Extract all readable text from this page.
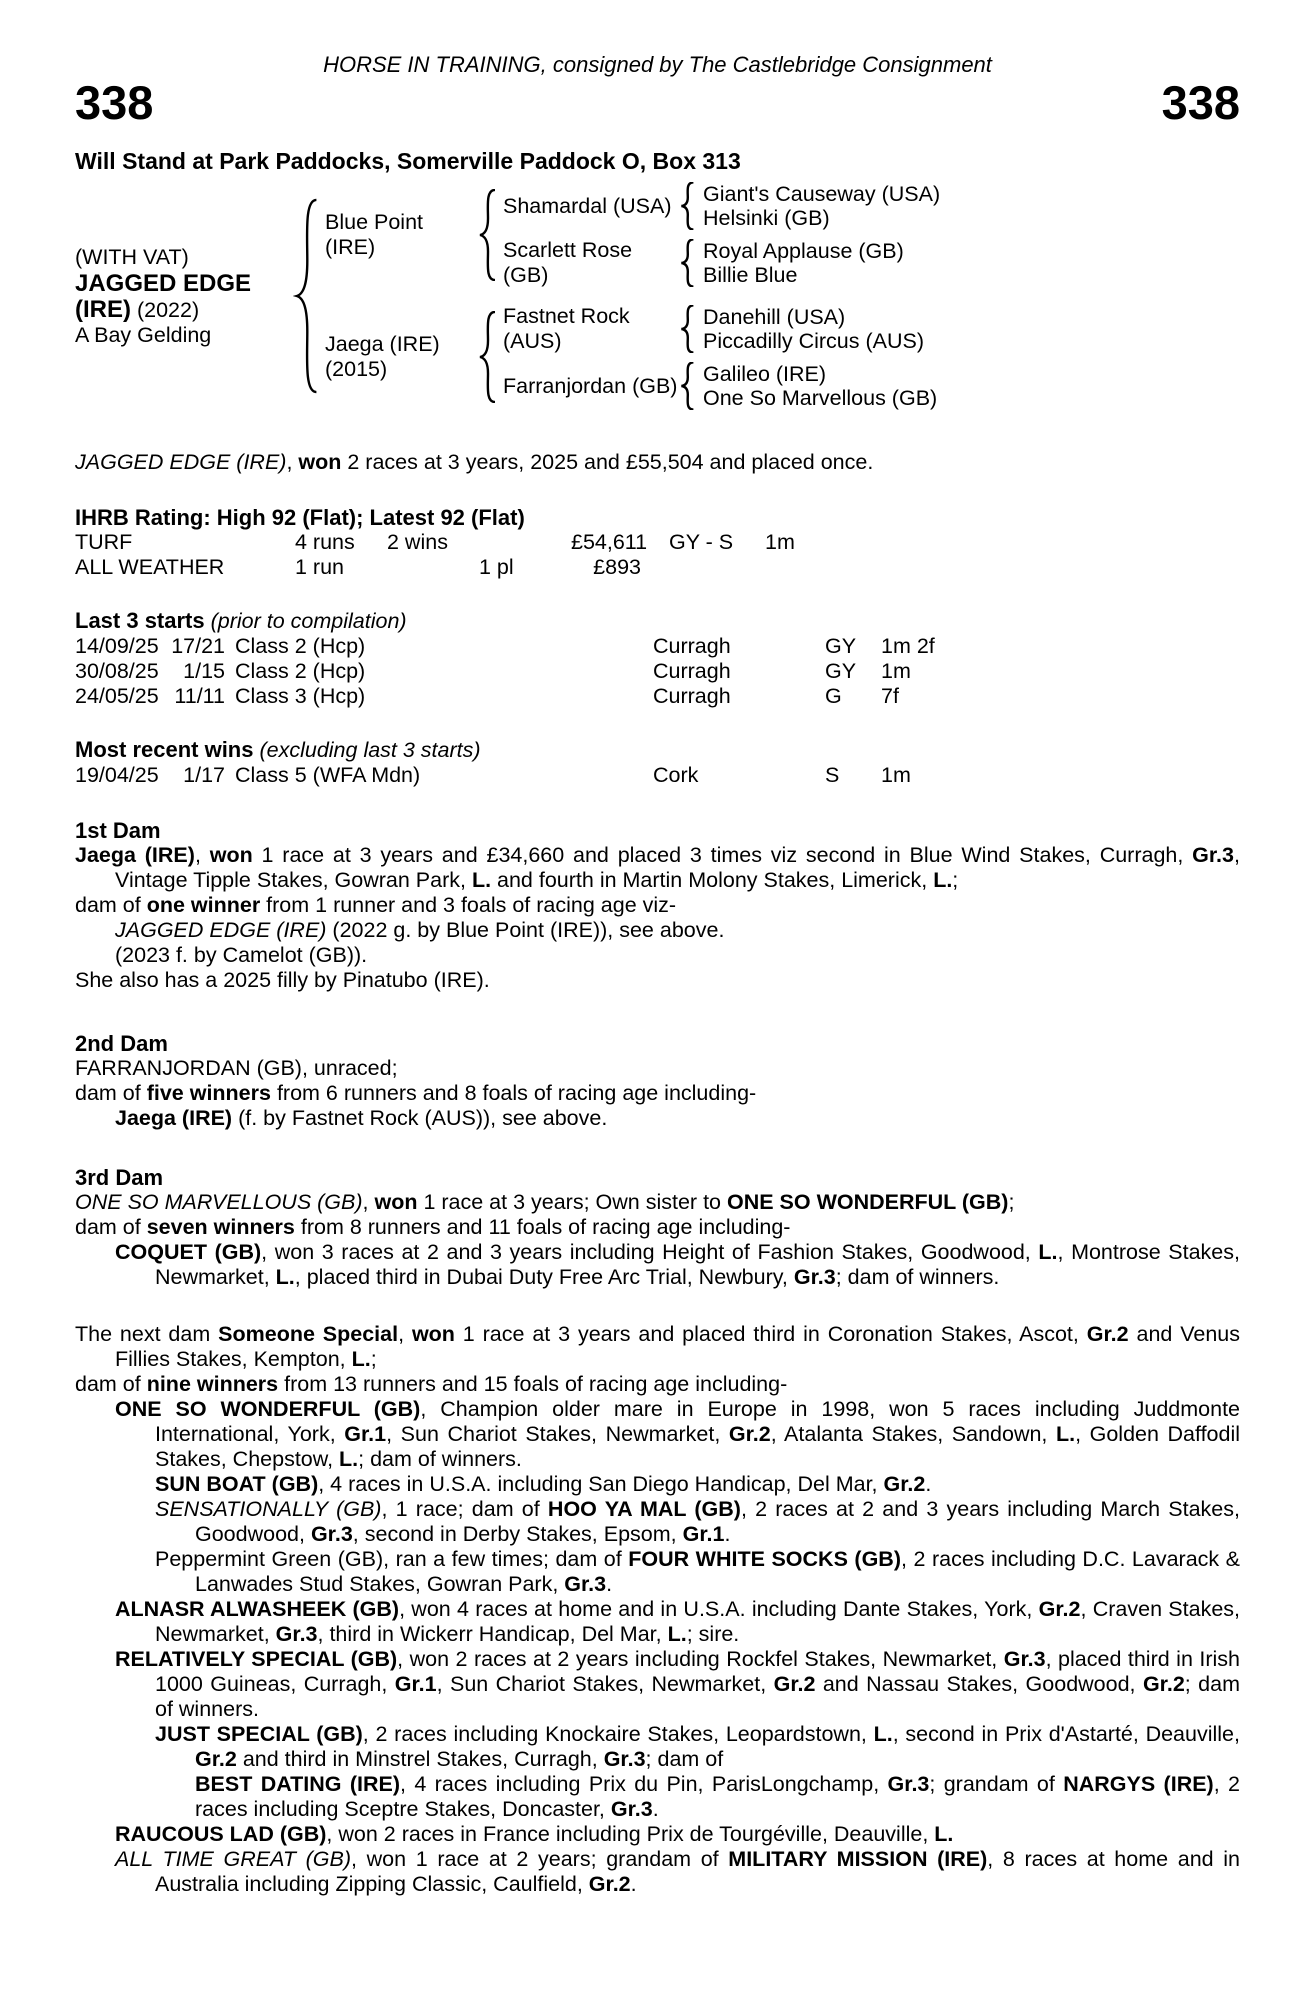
HORSE IN TRAINING, consigned by The Castlebridge Consignment
338	338
Will Stand at Park Paddocks, Somerville Paddock O, Box 313
(WITH VAT)
JAGGED EDGE
(IRE) (2022)
A Bay Gelding
Blue Point (IRE)
Shamardal (USA)	Giant's Causeway (USA)
Helsinki (GB)
Scarlett Rose (GB)
Royal Applause (GB)
Billie Blue
Jaega (IRE)
(2015)
Fastnet Rock (AUS)
Danehill (USA)
Piccadilly Circus (AUS)
Farranjordan (GB) Galileo (IRE)
One So Marvellous (GB)
JAGGED EDGE (IRE), won 2 races at 3 years, 2025 and £55,504 and placed once.
IHRB Rating: High 92 (Flat); Latest 92 (Flat)
TURF	4 runs	2 wins	£54,611	GY - S	1m
ALL WEATHER	1 run	1 pl	£893
Last 3 starts (prior to compilation)
14/09/25 17/21 Class 2 (Hcp)	Curragh	GY	1m 2f
30/08/25	1/15 Class 2 (Hcp)	Curragh	GY	1m
24/05/25 11/11 Class 3 (Hcp)	Curragh	G	7f
Most recent wins (excluding last 3 starts)
19/04/25	1/17 Class 5 (WFA Mdn)	Cork	S	1m
1st Dam
Jaega (IRE), won 1 race at 3 years and £34,660 and placed 3 times viz second in Blue Wind Stakes, Curragh, Gr.3, Vintage Tipple Stakes, Gowran Park, L. and fourth in Martin Molony Stakes, Limerick, L.;
dam of one winner from 1 runner and 3 foals of racing age viz-
JAGGED EDGE (IRE) (2022 g. by Blue Point (IRE)), see above.
(2023 f. by Camelot (GB)).
She also has a 2025 filly by Pinatubo (IRE).
2nd Dam
FARRANJORDAN (GB), unraced;
dam of five winners from 6 runners and 8 foals of racing age including-
Jaega (IRE) (f. by Fastnet Rock (AUS)), see above.
3rd Dam
ONE SO MARVELLOUS (GB), won 1 race at 3 years; Own sister to ONE SO WONDERFUL (GB);
dam of seven winners from 8 runners and 11 foals of racing age including-
COQUET (GB), won 3 races at 2 and 3 years including Height of Fashion Stakes, Goodwood, L., Montrose Stakes, Newmarket, L., placed third in Dubai Duty Free Arc Trial, Newbury, Gr.3; dam of winners.
The next dam Someone Special, won 1 race at 3 years and placed third in Coronation Stakes, Ascot, Gr.2 and Venus Fillies Stakes, Kempton, L.;
dam of nine winners from 13 runners and 15 foals of racing age including-
ONE SO WONDERFUL (GB), Champion older mare in Europe in 1998, won 5 races including Juddmonte International, York, Gr.1, Sun Chariot Stakes, Newmarket, Gr.2, Atalanta Stakes, Sandown, L., Golden Daffodil Stakes, Chepstow, L.; dam of winners.
SUN BOAT (GB), 4 races in U.S.A. including San Diego Handicap, Del Mar, Gr.2.
SENSATIONALLY (GB), 1 race; dam of HOO YA MAL (GB), 2 races at 2 and 3 years including March Stakes, Goodwood, Gr.3, second in Derby Stakes, Epsom, Gr.1.
Peppermint Green (GB), ran a few times; dam of FOUR WHITE SOCKS (GB), 2 races including D.C. Lavarack & Lanwades Stud Stakes, Gowran Park, Gr.3.
ALNASR ALWASHEEK (GB), won 4 races at home and in U.S.A. including Dante Stakes, York, Gr.2, Craven Stakes, Newmarket, Gr.3, third in Wickerr Handicap, Del Mar, L.; sire.
RELATIVELY SPECIAL (GB), won 2 races at 2 years including Rockfel Stakes, Newmarket, Gr.3, placed third in Irish 1000 Guineas, Curragh, Gr.1, Sun Chariot Stakes, Newmarket, Gr.2 and Nassau Stakes, Goodwood, Gr.2; dam of winners.
JUST SPECIAL (GB), 2 races including Knockaire Stakes, Leopardstown, L., second in Prix d'Astarté, Deauville, Gr.2 and third in Minstrel Stakes, Curragh, Gr.3; dam of
BEST DATING (IRE), 4 races including Prix du Pin, ParisLongchamp, Gr.3; grandam of NARGYS (IRE), 2 races including Sceptre Stakes, Doncaster, Gr.3.
RAUCOUS LAD (GB), won 2 races in France including Prix de Tourgéville, Deauville, L.
ALL TIME GREAT (GB), won 1 race at 2 years; grandam of MILITARY MISSION (IRE), 8 races at home and in Australia including Zipping Classic, Caulfield, Gr.2.
